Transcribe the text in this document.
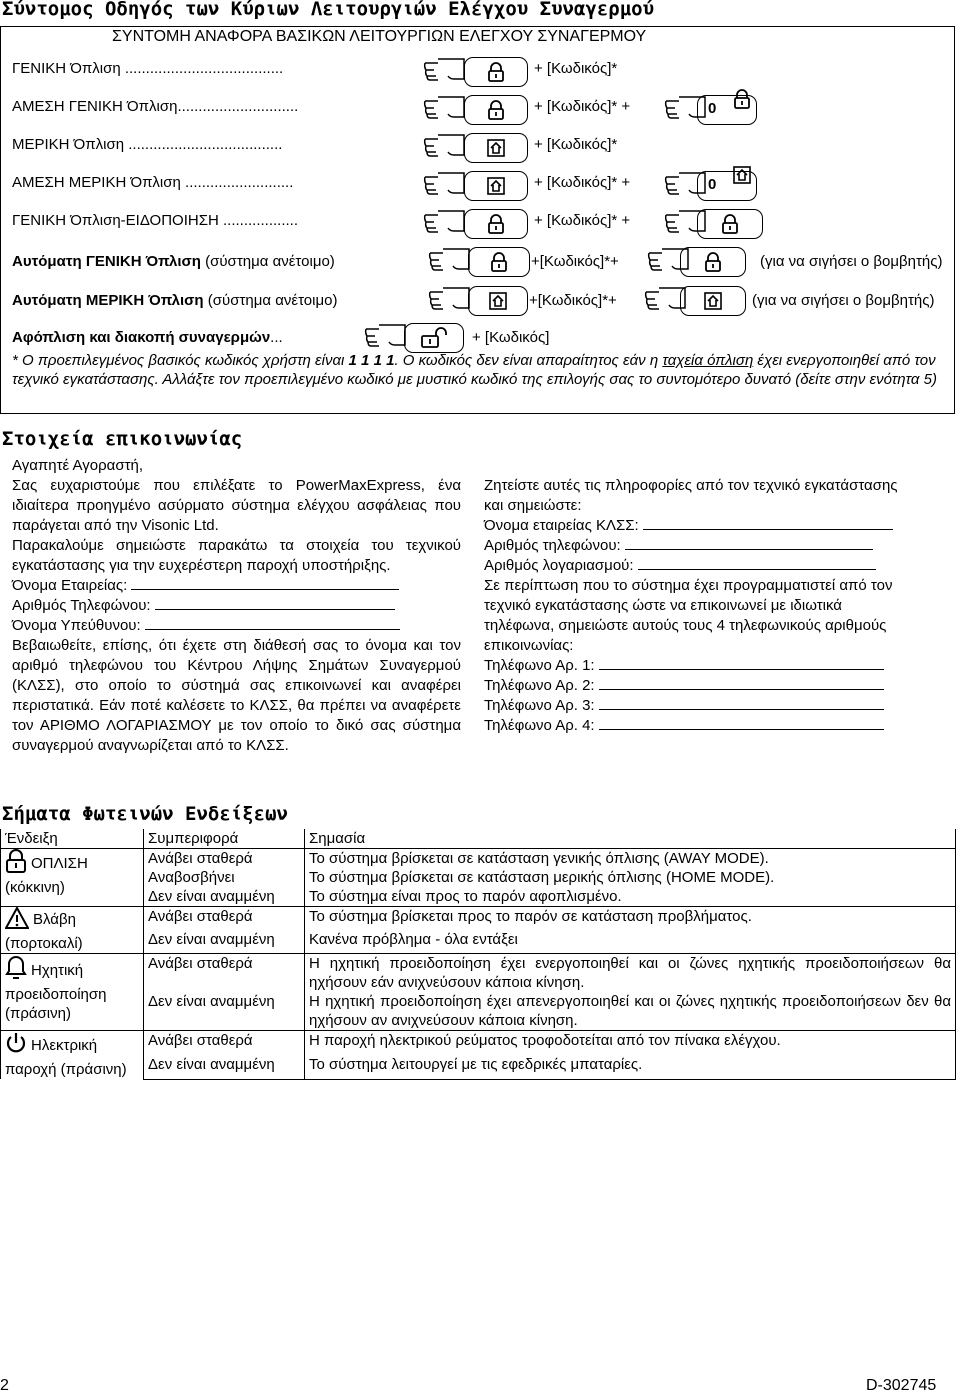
Σύντομος Οδηγός των Κύριων Λειτουργιών Ελέγχου Συναγερμού
ΣΥΝΤΟΜΗ ΑΝΑΦΟΡΑ ΒΑΣΙΚΩΝ ΛΕΙΤΟΥΡΓΙΩΝ ΕΛΕΓΧΟΥ ΣΥΝΑΓΕΡΜΟΥ
* Ο προεπιλεγμένος βασικός κωδικός χρήστη είναι 1 1 1 1. Ο κωδικός δεν είναι απαραίτητος εάν η ταχεία όπλιση έχει ενεργοποιηθεί από τον τεχνικό εγκατάστασης. Αλλάξτε τον προεπιλεγμένο κωδικό με μυστικό κωδικό της επιλογής σας το συντομότερο δυνατό (δείτε στην ενότητα 5)
Στοιχεία επικοινωνίας

Αγαπητέ Αγοραστή,

Σας ευχαριστούμε που επιλέξατε το PowerMaxExpress, ένα ιδιαίτερα προηγμένο ασύρματο σύστημα ελέγχου ασφάλειας που παράγεται από την Visonic Ltd.

Παρακαλούμε σημειώστε παρακάτω τα στοιχεία του τεχνικού εγκατάστασης για την ευχερέστερη παροχή υποστήριξης.

Όνομα Εταιρείας:

Αριθμός Τηλεφώνου:

Όνομα Υπεύθυνου:

Βεβαιωθείτε, επίσης, ότι έχετε στη διάθεσή σας το όνομα και τον αριθμό τηλεφώνου του Κέντρου Λήψης Σημάτων Συναγερμού (ΚΛΣΣ), στο οποίο το σύστημά σας επικοινωνεί και αναφέρει περιστατικά. Εάν ποτέ καλέσετε το ΚΛΣΣ, θα πρέπει να αναφέρετε τον ΑΡΙΘΜΟ ΛΟΓΑΡΙΑΣΜΟΥ με τον οποίο το δικό σας σύστημα συναγερμού αναγνωρίζεται από το ΚΛΣΣ.

Ζητείστε αυτές τις πληροφορίες από τον τεχνικό εγκατάστασης και σημειώστε:

Όνομα εταιρείας ΚΛΣΣ:

Αριθμός τηλεφώνου:

Αριθμός λογαριασμού:

Σε περίπτωση που το σύστημα έχει προγραμματιστεί από τον τεχνικό εγκατάστασης ώστε να επικοινωνεί με ιδιωτικά τηλέφωνα, σημειώστε αυτούς τους 4 τηλεφωνικούς αριθμούς επικοινωνίας:

Τηλέφωνο Αρ. 1:

Τηλέφωνο Αρ. 2:

Τηλέφωνο Αρ. 3:

Τηλέφωνο Αρ. 4:

Σήματα Φωτεινών Ενδείξεων
Ένδειξη	Συμπεριφορά	Σημασία

ΟΠΛΙΣΗ
(κόκκινη)	Ανάβει σταθερά	Το σύστημα βρίσκεται σε κατάσταση γενικής όπλισης (AWAY MODE).
	Αναβοσβήνει	Το σύστημα βρίσκεται σε κατάσταση μερικής όπλισης (HOME MODE).
	Δεν είναι αναμμένη	Το σύστημα είναι προς το παρόν αφοπλισμένο.

Βλάβη
(πορτοκαλί)	Ανάβει σταθερά	Το σύστημα βρίσκεται προς το παρόν σε κατάσταση προβλήματος.
	Δεν είναι αναμμένη	Κανένα πρόβλημα - όλα εντάξει

Ηχητική
προειδοποίηση (πράσινη)	Ανάβει σταθερά	Η ηχητική προειδοποίηση έχει ενεργοποιηθεί και οι ζώνες ηχητικής προειδοποιήσεων θα ηχήσουν εάν ανιχνεύσουν κάποια κίνηση.
	Δεν είναι αναμμένη	Η ηχητική προειδοποίηση έχει απενεργοποιηθεί και οι ζώνες ηχητικής προειδοποιήσεων δεν θα ηχήσουν αν ανιχνεύσουν κάποια κίνηση.

Ηλεκτρική
παροχή (πράσινη)	Ανάβει σταθερά	Η παροχή ηλεκτρικού ρεύματος τροφοδοτείται από τον πίνακα ελέγχου.
	Δεν είναι αναμμένη	Το σύστημα λειτουργεί με τις εφεδρικές μπαταρίες.
2	D-302745
ΓΕΝΙΚΗ Όπλιση ......................................	+ [Κωδικός]*
ΑΜΕΣΗ ΓΕΝΙΚΗ Όπλιση.............................	+ [Κωδικός]* +	0
ΜΕΡΙΚΗ Όπλιση .....................................	+ [Κωδικός]*
ΑΜΕΣΗ ΜΕΡΙΚΗ Όπλιση ..........................	+ [Κωδικός]* +	0
ΓΕΝΙΚΗ Όπλιση-ΕΙΔΟΠΟΙΗΣΗ ..................	+ [Κωδικός]* +
Αυτόματη ΓΕΝΙΚΗ Όπλιση (σύστημα ανέτοιμο)	+[Κωδικός]*+	(για να σιγήσει ο βομβητής)
Αυτόματη ΜΕΡΙΚΗ Όπλιση (σύστημα ανέτοιμο)	+[Κωδικός]*+	(για να σιγήσει ο βομβητής)
Αφόπλιση και διακοπή συναγερμών...	+ [Κωδικός]
